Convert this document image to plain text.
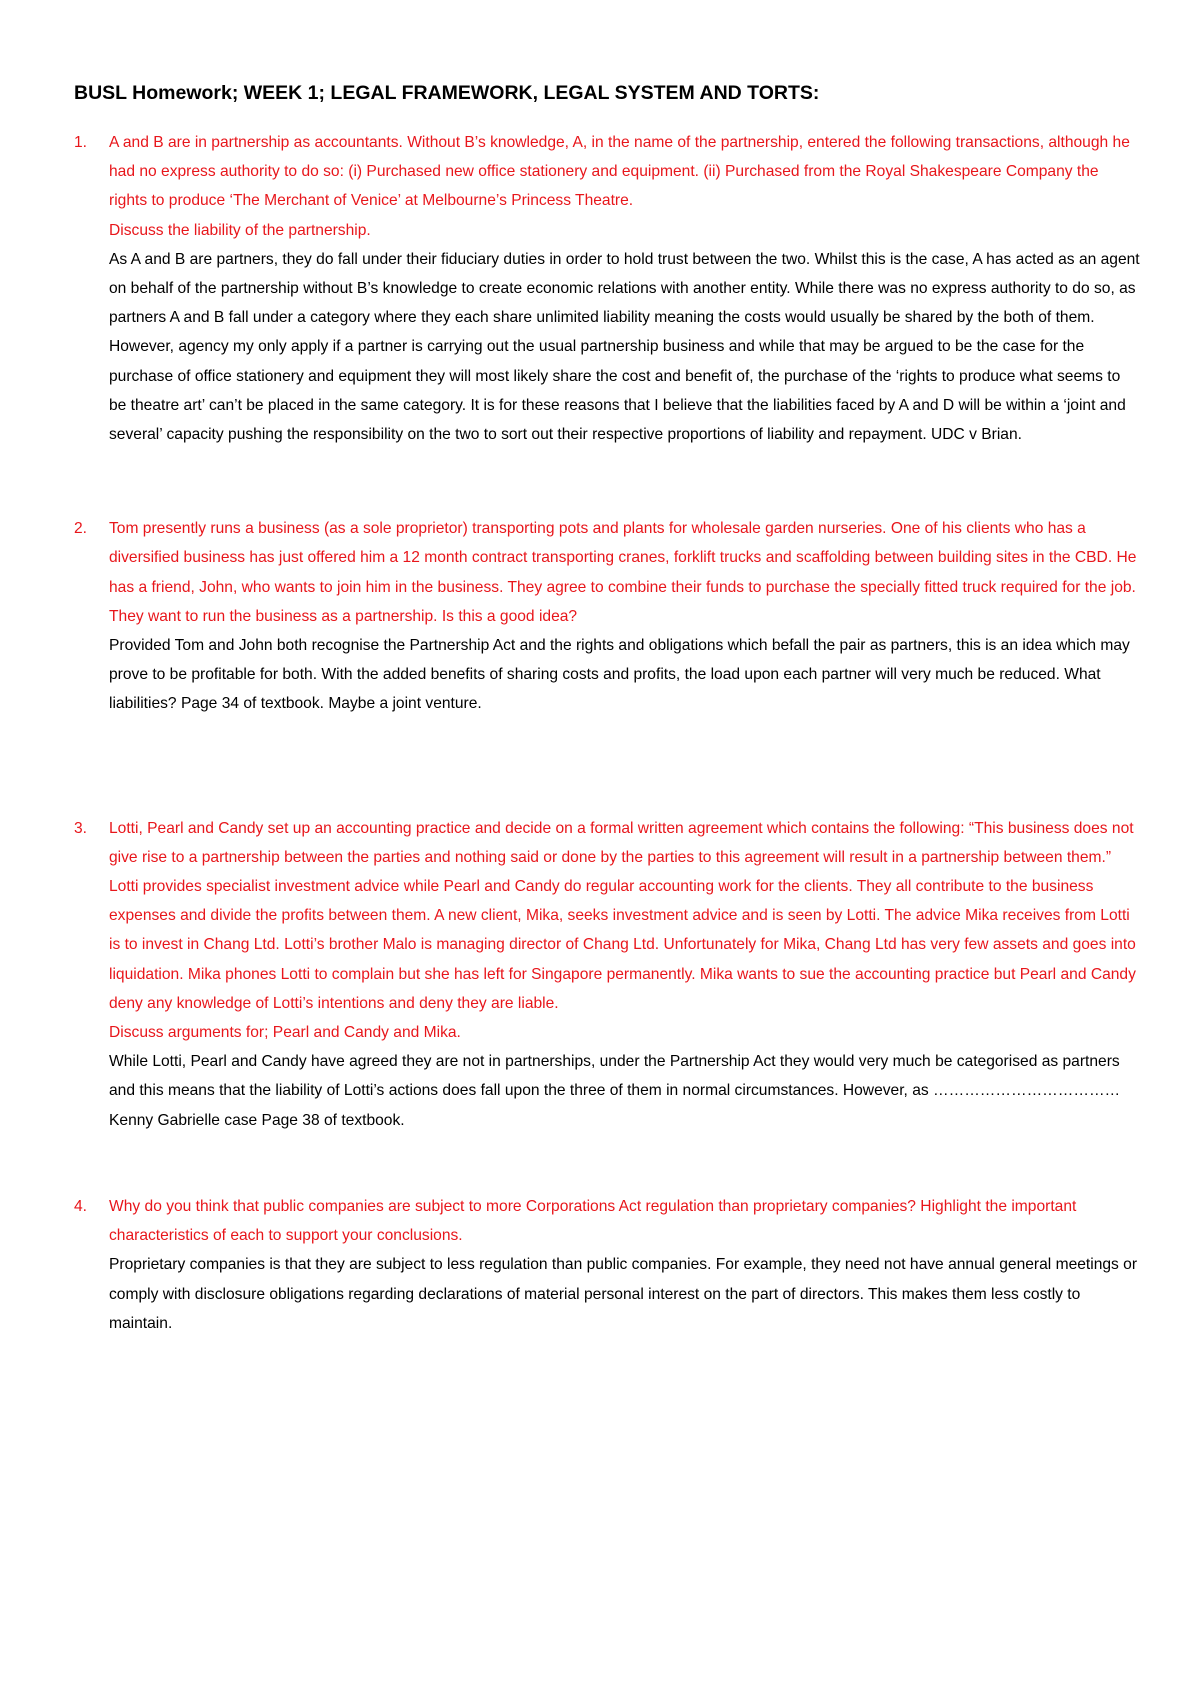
BUSL Homework; WEEK 1; LEGAL FRAMEWORK, LEGAL SYSTEM AND TORTS:
1.	A and B are in partnership as accountants. Without B’s knowledge, A, in the name of the partnership, entered the following transactions, although he had no express authority to do so: (i) Purchased new office stationery and equipment. (ii) Purchased from the Royal Shakespeare Company the rights to produce ‘The Merchant of Venice’ at Melbourne’s Princess Theatre.

Discuss the liability of the partnership.

As A and B are partners, they do fall under their fiduciary duties in order to hold trust between the two. Whilst this is the case, A has acted as an agent on behalf of the partnership without B’s knowledge to create economic relations with another entity. While there was no express authority to do so, as partners A and B fall under a category where they each share unlimited liability meaning the costs would usually be shared by the both of them. However, agency my only apply if a partner is carrying out the usual partnership business and while that may be argued to be the case for the purchase of office stationery and equipment they will most likely share the cost and benefit of, the purchase of the ‘rights to produce what seems to be theatre art’ can’t be placed in the same category. It is for these reasons that I believe that the liabilities faced by A and D will be within a ‘joint and several’ capacity pushing the responsibility on the two to sort out their respective proportions of liability and repayment. UDC v Brian.

2.	Tom presently runs a business (as a sole proprietor) transporting pots and plants for wholesale garden nurseries. One of his clients who has a diversified business has just offered him a 12 month contract transporting cranes, forklift trucks and scaffolding between building sites in the CBD. He has a friend, John, who wants to join him in the business. They agree to combine their funds to purchase the specially fitted truck required for the job. They want to run the business as a partnership. Is this a good idea?

Provided Tom and John both recognise the Partnership Act and the rights and obligations which befall the pair as partners, this is an idea which may prove to be profitable for both. With the added benefits of sharing costs and profits, the load upon each partner will very much be reduced. What liabilities? Page 34 of textbook. Maybe a joint venture.

3.	Lotti, Pearl and Candy set up an accounting practice and decide on a formal written agreement which contains the following: “This business does not give rise to a partnership between the parties and nothing said or done by the parties to this agreement will result in a partnership between them.” Lotti provides specialist investment advice while Pearl and Candy do regular accounting work for the clients. They all contribute to the business expenses and divide the profits between them. A new client, Mika, seeks investment advice and is seen by Lotti. The advice Mika receives from Lotti is to invest in Chang Ltd. Lotti’s brother Malo is managing director of Chang Ltd. Unfortunately for Mika, Chang Ltd has very few assets and goes into liquidation. Mika phones Lotti to complain but she has left for Singapore permanently. Mika wants to sue the accounting practice but Pearl and Candy deny any knowledge of Lotti’s intentions and deny they are liable.

Discuss arguments for; Pearl and Candy and Mika.

While Lotti, Pearl and Candy have agreed they are not in partnerships, under the Partnership Act they would very much be categorised as partners and this means that the liability of Lotti’s actions does fall upon the three of them in normal circumstances. However, as ……………………………… Kenny Gabrielle case Page 38 of textbook.

4.	Why do you think that public companies are subject to more Corporations Act regulation than proprietary companies? Highlight the important characteristics of each to support your conclusions.

Proprietary companies is that they are subject to less regulation than public companies. For example, they need not have annual general meetings or comply with disclosure obligations regarding declarations of material personal interest on the part of directors. This makes them less costly to maintain.
